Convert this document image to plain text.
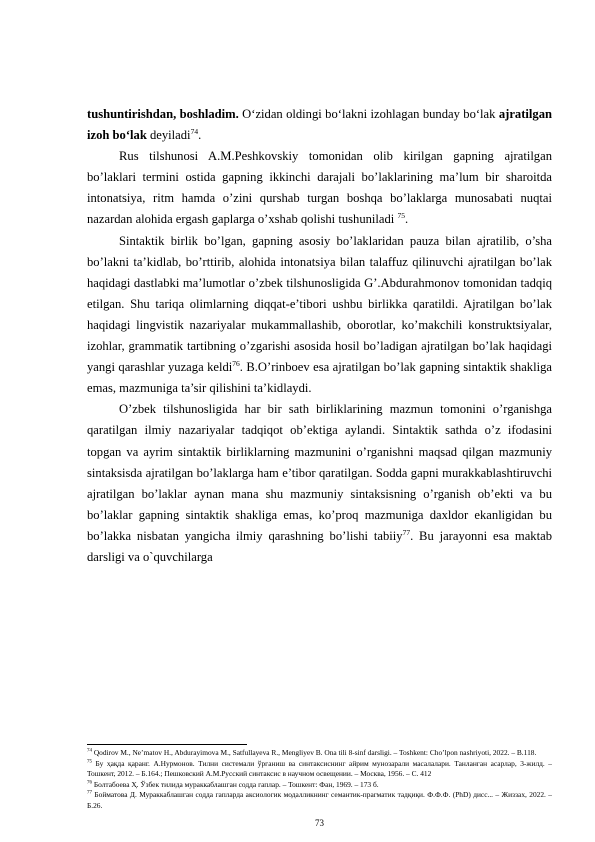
tushuntirishdan, boshladim. O‘zidan oldingi bo‘lakni izohlagan bunday bo‘lak ajratilgan izoh bo‘lak deyiladi$^{74}$.

Rus tilshunosi A.M.Peshkovskiy tomonidan olib kirilgan gapning ajratilgan bo’laklari termini ostida gapning ikkinchi darajali bo’laklarining ma’lum bir sharoitda intonatsiya, ritm hamda o’zini qurshab turgan boshqa bo’laklarga munosabati nuqtai nazardan alohida ergash gaplarga o’xshab qolishi tushuniladi $^{75}$.

Sintaktik birlik bo’lgan, gapning asosiy bo’laklaridan pauza bilan ajratilib, o’sha bo’lakni ta’kidlab, bo’rttirib, alohida intonatsiya bilan talaffuz qilinuvchi ajratilgan bo’lak haqidagi dastlabki ma’lumotlar o’zbek tilshunosligida G’.Abdurahmonov tomonidan tadqiq etilgan. Shu tariqa olimlarning diqqat-e’tibori ushbu birlikka qaratildi. Ajratilgan bo’lak haqidagi lingvistik nazariyalar mukammallashib, oborotlar, ko’makchili konstruktsiyalar, izohlar, grammatik tartibning o’zgarishi asosida hosil bo’ladigan ajratilgan bo’lak haqidagi yangi qarashlar yuzaga keldi$^{76}$. B.O’rinboev esa ajratilgan bo’lak gapning sintaktik shakliga emas, mazmuniga ta’sir qilishini ta’kidlaydi.

O’zbek tilshunosligida har bir sath birliklarining mazmun tomonini o’rganishga qaratilgan ilmiy nazariyalar tadqiqot ob’ektiga aylandi. Sintaktik sathda o’z ifodasini topgan va ayrim sintaktik birliklarning mazmunini o’rganishni maqsad qilgan mazmuniy sintaksisda ajratilgan bo’laklarga ham e’tibor qaratilgan. Sodda gapni murakkablashtiruvchi ajratilgan bo’laklar aynan mana shu mazmuniy sintaksisning o’rganish ob’ekti va bu bo’laklar gapning sintaktik shakliga emas, ko’proq mazmuniga daxldor ekanligidan bu bo’lakka nisbatan yangicha ilmiy qarashning bo’lishi tabiiy$^{77}$. Bu jarayonni esa maktab darsligi va o`quvchilarga

$^{74}$ Qodirov M., Ne’matov H., Abdurayimova M., Satfullayeva R., Mengliyev B. Ona tili 8-sinf darsligi. – Toshkent: Cho’lpon nashriyoti, 2022. – B.118.

$^{75}$ Бу ҳақда қаранг. А.Нурмонов. Тилни системали ўрганиш ва синтаксиснинг айрим мунозарали масалалари. Танланган асарлар, 3-жилд. – Тошкент, 2012. – Б.164.; Пешковский А.М.Русский синтаксис в научном освещении. – Москва, 1956. – С. 412

$^{76}$ Болтабоева Ҳ. Ўзбек тилида мураккаблашган содда гаплар. – Тошкент: Фан, 1969. – 173 б.

$^{77}$ Бойматова Д. Мураккаблашган содда гапларда аксиологик модалликнинг семантик-прагматик тадқиқи. Ф.Ф.Ф. (PhD) дисс... – Жиззах, 2022. – Б.26.

73
